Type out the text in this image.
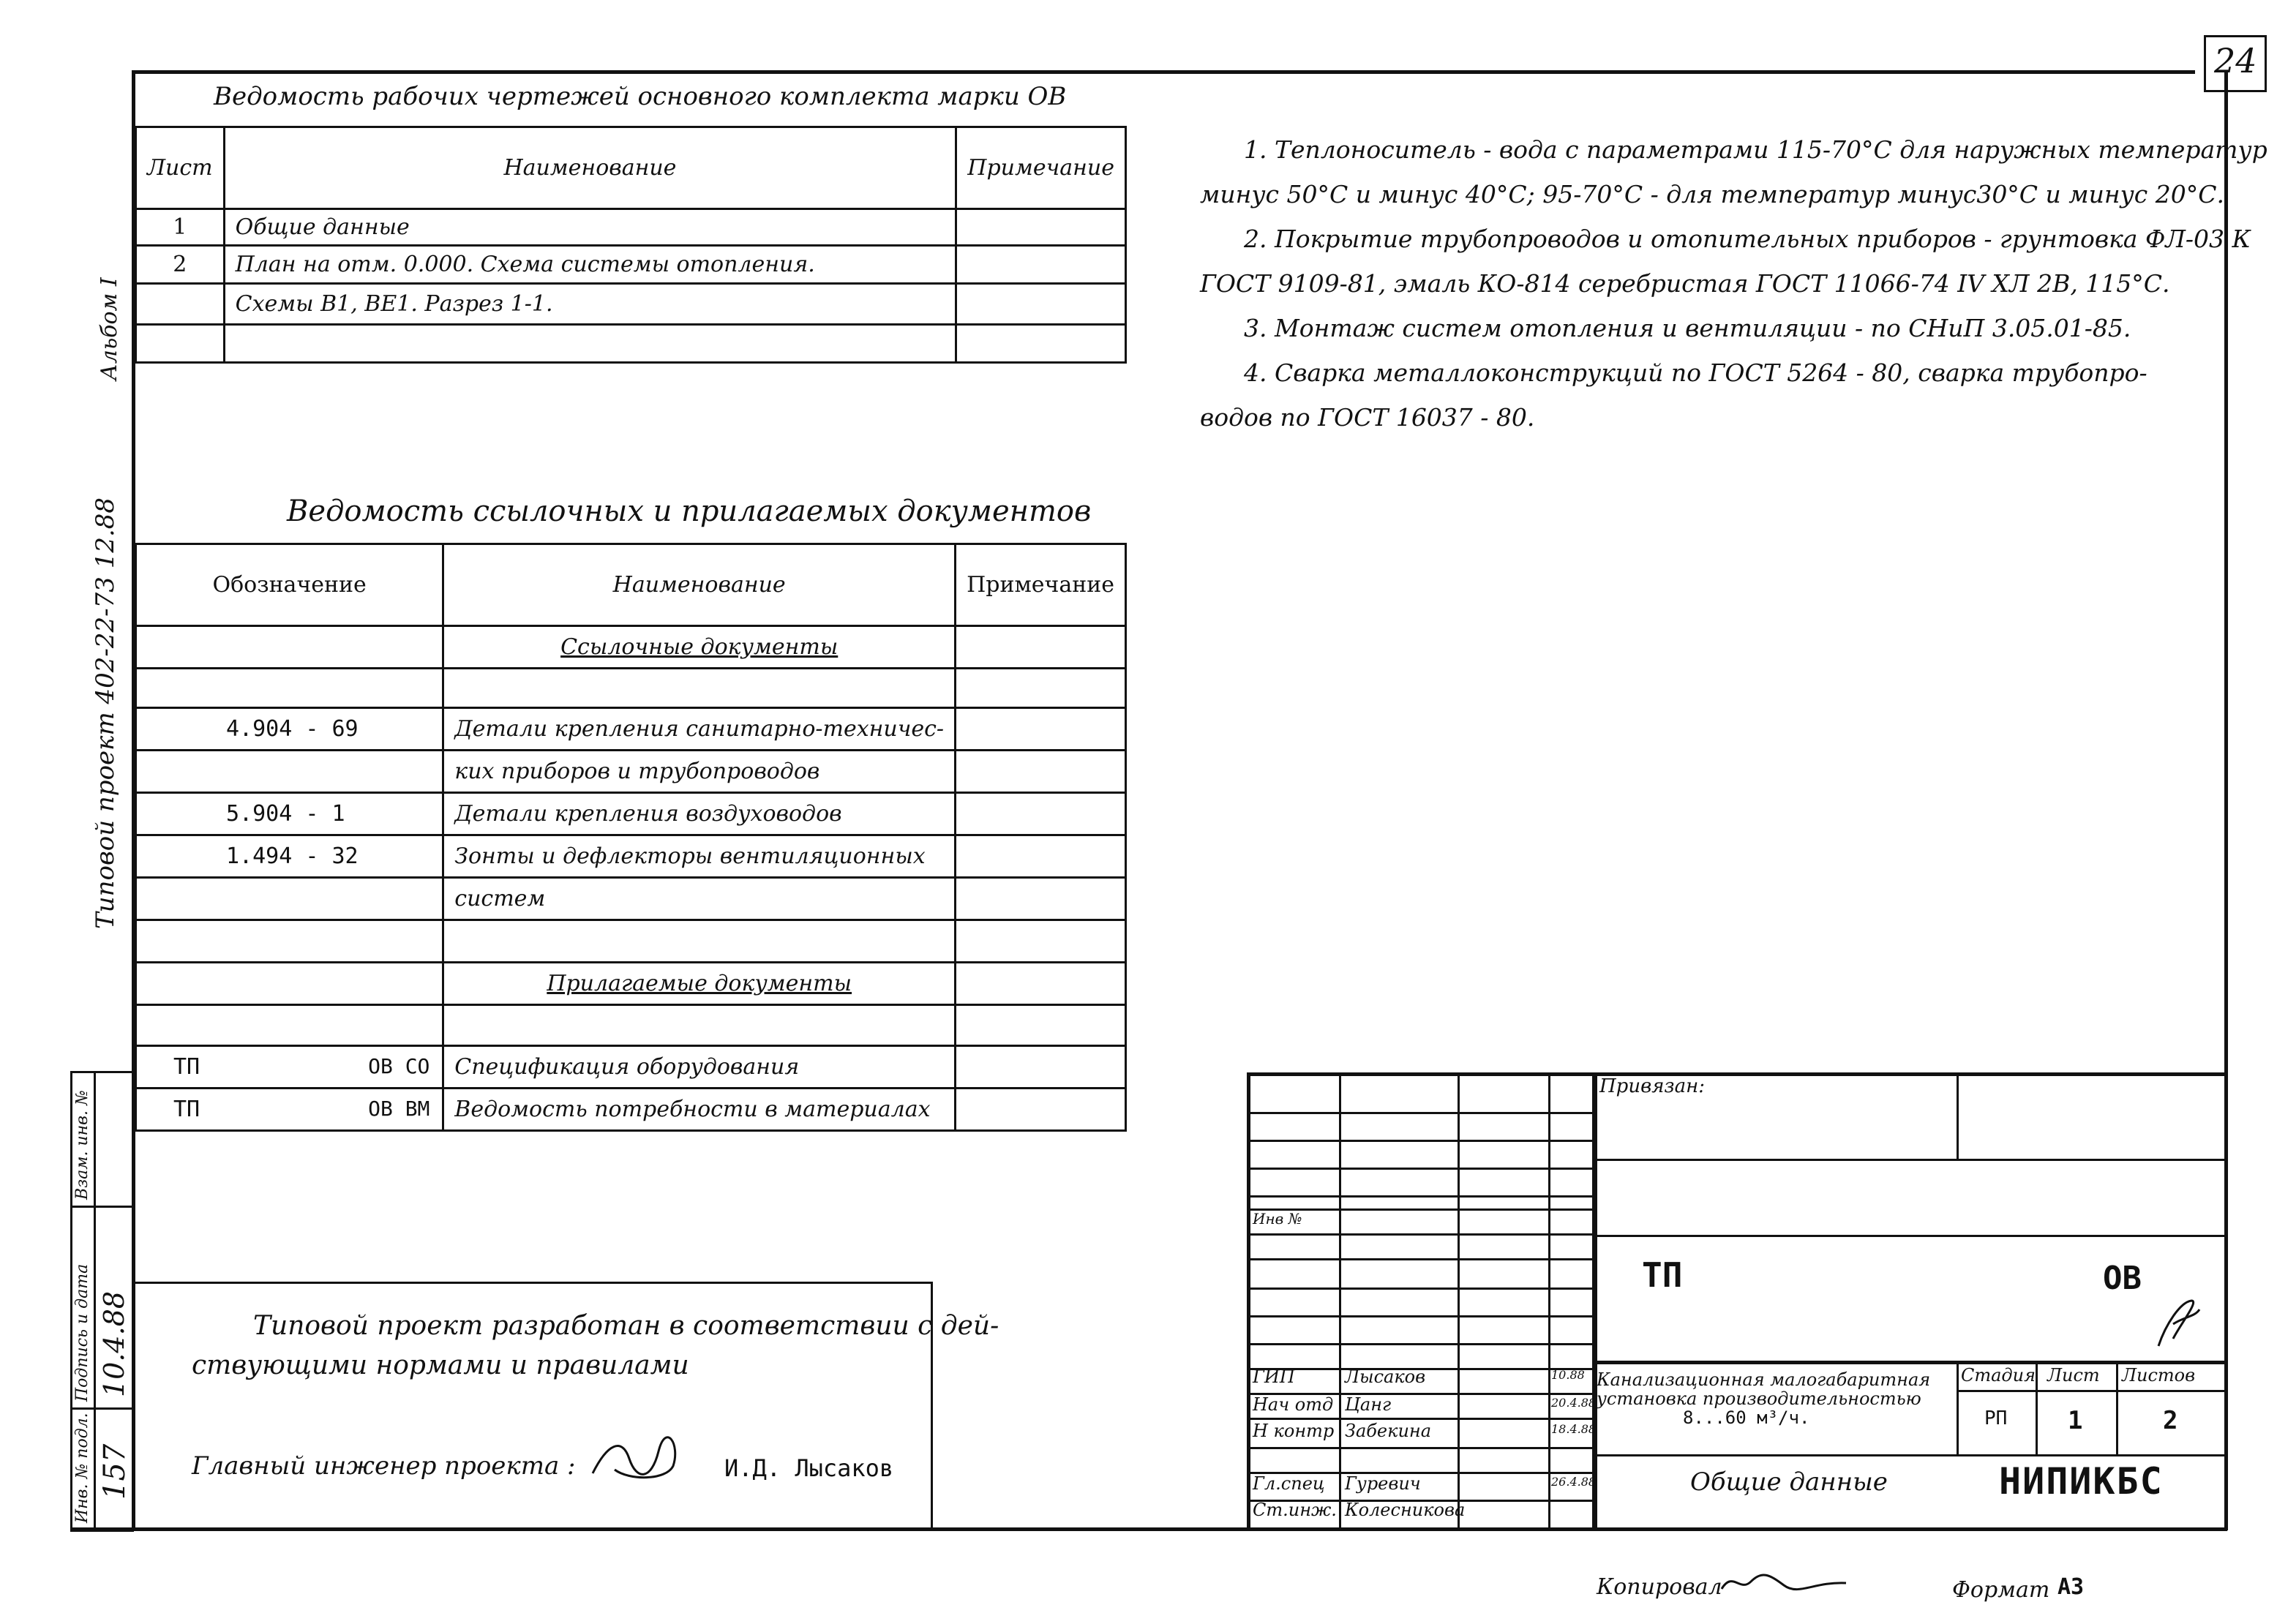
24
Альбом I
Типовой проект 402-22-73 12.88
Ведомость рабочих чертежей основного комплекта марки ОВ
Лист	Наименование	Примечание
1	Общие данные	
2	План на отм. 0.000. Схема системы отопления.	
	Схемы В1, ВЕ1. Разрез 1-1.	

Ведомость ссылочных и прилагаемых документов
Обозначение	Наименование	Примечание
	Ссылочные документы	

4.904 - 69	Детали крепления санитарно-техничес-	
	ких приборов и трубопроводов	
5.904 - 1	Детали крепления воздуховодов	
1.494 - 32	Зонты и дефлекторы вентиляционных	
	систем	

	Прилагаемые документы	

ТП ОВ СО	Спецификация оборудования	
ТП ОВ ВМ	Ведомость потребности в материалах	
1. Теплоноситель - вода с параметрами 115-70°С для наружных температур
минус 50°С и минус 40°С; 95-70°С - для температур минус30°С и минус 20°С.
2. Покрытие трубопроводов и отопительных приборов - грунтовка ФЛ-03 К
ГОСТ 9109-81, эмаль КО-814 серебристая ГОСТ 11066-74 IV ХЛ 2В, 115°С.
3. Монтаж систем отопления и вентиляции - по СНиП 3.05.01-85.
4. Сварка металлоконструкций по ГОСТ 5264 - 80, сварка трубопро-
водов по ГОСТ 16037 - 80.
Типовой проект разработан в соответствии с дей-
ствующими нормами и правилами
Главный инженер проекта :	И.Д. Лысаков
Взам. инв. №
Подпись и дата 10.4.88
Инв. № подл. 157
Инв №
ГИП	Лысаков	10.88
Нач отд Цанг	20.4.88
Н контр Забекина	18.4.88
Гл.спец Гуревич	26.4.88
Ст.инж. Колесникова
Привязан:
ТП	ОВ
Канализационная малогабаритная
установка производительностью
8...60 м³/ч.
Стадия Лист Листов
РП 1	2
Общие данные	НИПИКБС
Копировал	Формат А3
